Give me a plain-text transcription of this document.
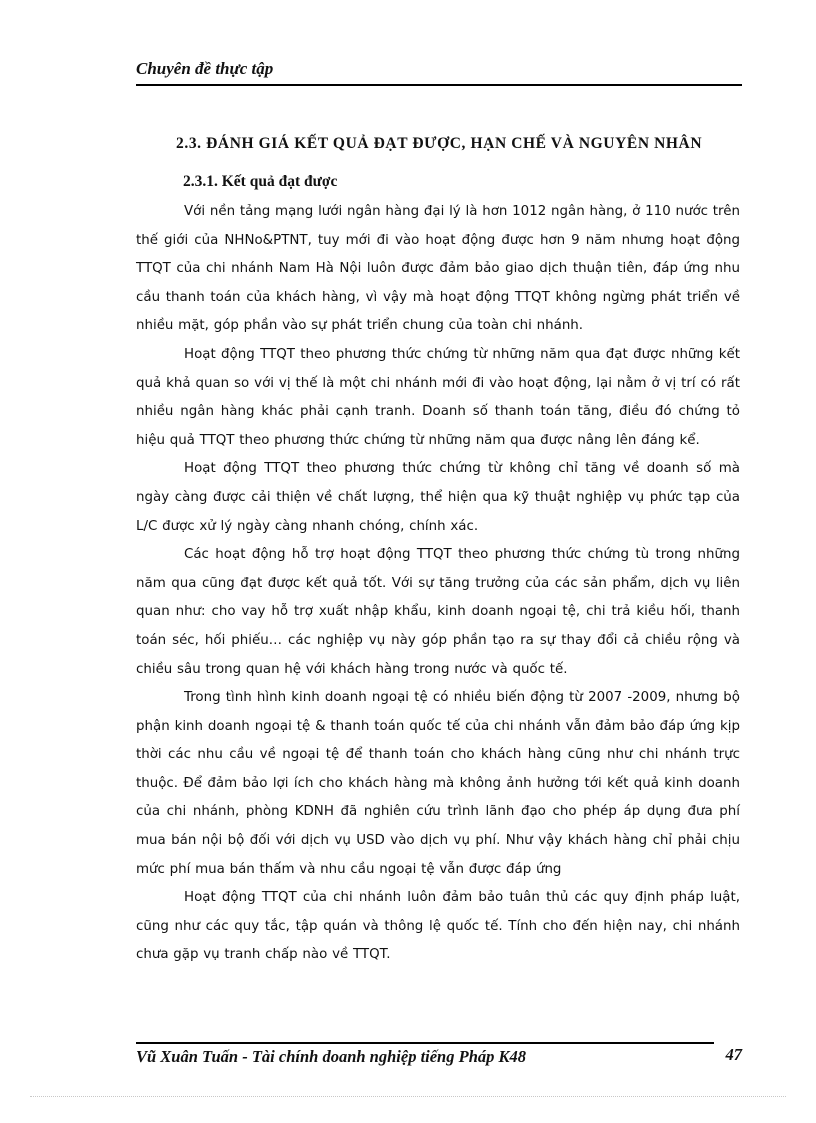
Chuyên đề thực tập

2.3. ĐÁNH GIÁ KẾT QUẢ ĐẠT ĐƯỢC, HẠN CHẾ VÀ NGUYÊN NHÂN

2.3.1. Kết quả đạt được

Với nền tảng mạng lưới ngân hàng đại lý là hơn 1012 ngân hàng, ở 110 nước trên thế giới của NHNo&PTNT, tuy mới đi vào hoạt động được hơn 9 năm nhưng hoạt động TTQT của chi nhánh Nam Hà Nội luôn được đảm bảo giao dịch thuận tiên, đáp ứng nhu cầu thanh toán của khách hàng, vì vậy mà hoạt động TTQT không ngừng phát triển về nhiều mặt, góp phần vào sự phát triển chung của toàn chi nhánh.

Hoạt động TTQT theo phương thức chứng từ những năm qua đạt được những kết quả khả quan so với vị thế là một chi nhánh mới đi vào hoạt động, lại nằm ở vị trí có rất nhiều ngân hàng khác phải cạnh tranh. Doanh số thanh toán tăng, điều đó chứng tỏ hiệu quả TTQT theo phương thức chứng từ những năm qua được nâng lên đáng kể.

Hoạt động TTQT theo phương thức chứng từ không chỉ tăng về doanh số mà ngày càng được cải thiện về chất lượng, thể hiện qua kỹ thuật nghiệp vụ phức tạp của L/C được xử lý ngày càng nhanh chóng, chính xác.

Các hoạt động hỗ trợ hoạt động TTQT theo phương thức chứng tù trong những năm qua cũng đạt được kết quả tốt. Với sự tăng trưởng của các sản phẩm, dịch vụ liên quan như: cho vay hỗ trợ xuất nhập khẩu, kinh doanh ngoại tệ, chi trả kiều hối, thanh toán séc, hối phiếu… các nghiệp vụ này góp phần tạo ra sự thay đổi cả chiều rộng và chiều sâu trong quan hệ với khách hàng trong nước và quốc tế.

Trong tình hình kinh doanh ngoại tệ có nhiều biến động từ 2007 -2009, nhưng bộ phận kinh doanh ngoại tệ & thanh toán quốc tế của chi nhánh vẫn đảm bảo đáp ứng kịp thời các nhu cầu về ngoại tệ để thanh toán cho khách hàng cũng như chi nhánh trực thuộc. Để đảm bảo lợi ích cho khách hàng mà không ảnh hưởng tới kết quả kinh doanh của chi nhánh, phòng KDNH đã nghiên cứu trình lãnh đạo cho phép áp dụng đưa phí mua bán nội bộ đối với dịch vụ USD vào dịch vụ phí. Như vậy khách hàng chỉ phải chịu mức phí mua bán thấm và nhu cầu ngoại tệ vẫn được đáp ứng

Hoạt động TTQT của chi nhánh luôn đảm bảo tuân thủ các quy định pháp luật, cũng như các quy tắc, tập quán và thông lệ quốc tế. Tính cho đến hiện nay, chi nhánh chưa gặp vụ tranh chấp nào về TTQT.

Vũ Xuân Tuấn - Tài chính doanh nghiệp tiếng Pháp K48	47
